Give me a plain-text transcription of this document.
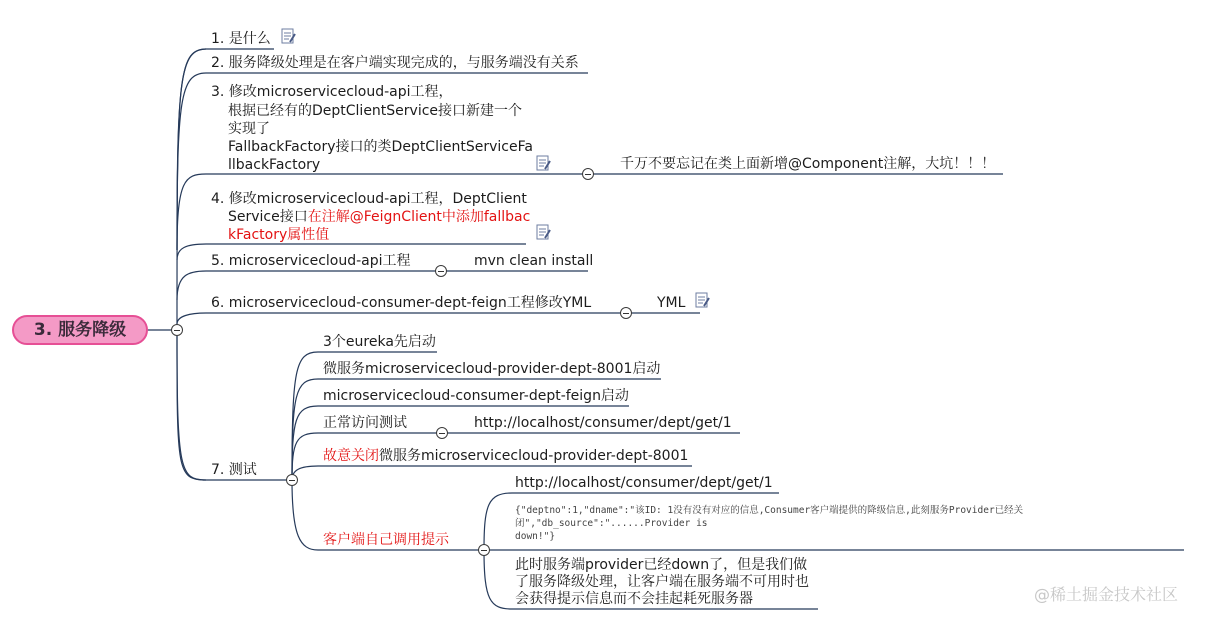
3. 服务降级
1. 是什么
2. 服务降级处理是在客户端实现完成的，与服务端没有关系
3. 修改microservicecloud-api工程，
根据已经有的DeptClientService接口新建一个
实现了
FallbackFactory接口的类DeptClientServiceFa
llbackFactory	千万不要忘记在类上面新增@Component注解，大坑！！！
4. 修改microservicecloud-api工程，DeptClient
Service接口在注解@FeignClient中添加fallbac
kFactory属性值
5. microservicecloud-api工程	mvn clean install
6. microservicecloud-consumer-dept-feign工程修改YML	YML
7. 测试
3个eureka先启动
微服务microservicecloud-provider-dept-8001启动
microservicecloud-consumer-dept-feign启动
正常访问测试	http://localhost/consumer/dept/get/1
故意关闭微服务microservicecloud-provider-dept-8001
客户端自己调用提示
http://localhost/consumer/dept/get/1
{"deptno":1,"dname":"该ID: 1没有没有对应的信息,Consumer客户端提供的降级信息,此刻服务Provider已经关闭","db_source":"......Provider is
down!"}
此时服务端provider已经down了，但是我们做
了服务降级处理，让客户端在服务端不可用时也
会获得提示信息而不会挂起耗死服务器	@稀土掘金技术社区
